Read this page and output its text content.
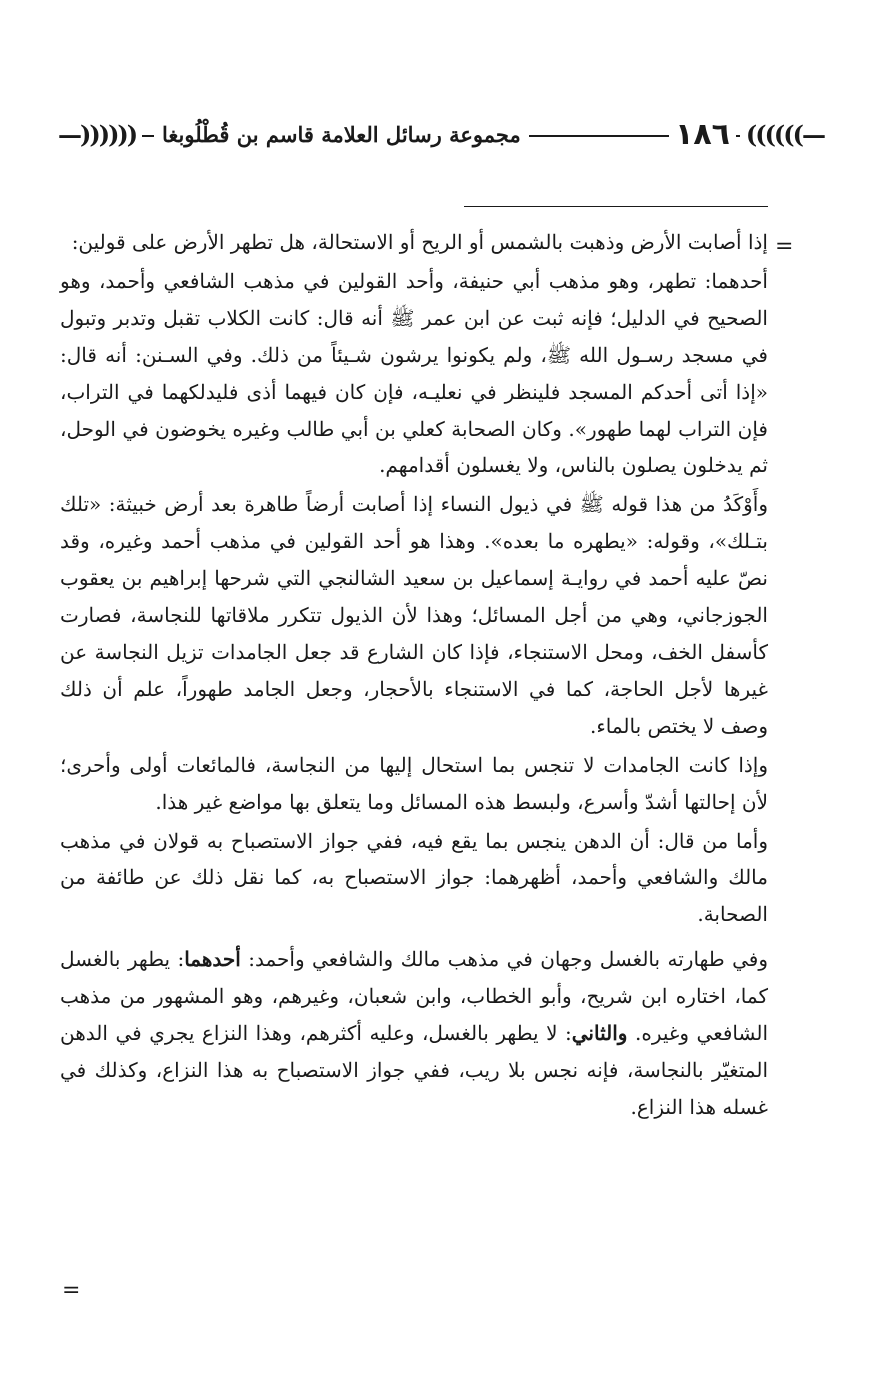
—))))))	مجموعة رسائل العلامة قاسم بن قُطْلُوبغا	١٨٦ ((((((—
=

إذا أصابت الأرض وذهبت بالشمس أو الريح أو الاستحالة، هل تطهر الأرض على قولين:

أحدهما: تطهر، وهو مذهب أبي حنيفة، وأحد القولين في مذهب الشافعي وأحمد، وهو الصحيح في الدليل؛ فإنه ثبت عن ابن عمر ﷺ أنه قال: كانت الكلاب تقبل وتدبر وتبول في مسجد رسـول الله ﷺ، ولم يكونوا يرشون شـيئاً من ذلك. وفي السـنن: أنه قال: «إذا أتى أحدكم المسجد فلينظر في نعليـه، فإن كان فيهما أذى فليدلكهما في التراب، فإن التراب لهما طهور». وكان الصحابة كعلي بن أبي طالب وغيره يخوضون في الوحل، ثم يدخلون يصلون بالناس، ولا يغسلون أقدامهم.

وأَوْكَدُ من هذا قوله ﷺ في ذيول النساء إذا أصابت أرضاً طاهرة بعد أرض خبيثة: «تلك بتـلك»، وقوله: «يطهره ما بعده». وهذا هو أحد القولين في مذهب أحمد وغيره، وقد نصّ عليه أحمد في روايـة إسماعيل بن سعيد الشالنجي التي شرحها إبراهيم بن يعقوب الجوزجاني، وهي من أجل المسائل؛ وهذا لأن الذيول تتكرر ملاقاتها للنجاسة، فصارت كأسفل الخف، ومحل الاستنجاء، فإذا كان الشارع قد جعل الجامدات تزيل النجاسة عن غيرها لأجل الحاجة، كما في الاستنجاء بالأحجار، وجعل الجامد طهوراً، علم أن ذلك وصف لا يختص بالماء.

وإذا كانت الجامدات لا تنجس بما استحال إليها من النجاسة، فالمائعات أولى وأحرى؛ لأن إحالتها أشدّ وأسرع، ولبسط هذه المسائل وما يتعلق بها مواضع غير هذا.

وأما من قال: أن الدهن ينجس بما يقع فيه، ففي جواز الاستصباح به قولان في مذهب مالك والشافعي وأحمد، أظهرهما: جواز الاستصباح به، كما نقل ذلك عن طائفة من الصحابة.

وفي طهارته بالغسل وجهان في مذهب مالك والشافعي وأحمد: أحدهما: يطهر بالغسل كما، اختاره ابن شريح، وأبو الخطاب، وابن شعبان، وغيرهم، وهو المشهور من مذهب الشافعي وغيره. والثاني: لا يطهر بالغسل، وعليه أكثرهم، وهذا النزاع يجري في الدهن المتغيّر بالنجاسة، فإنه نجس بلا ريب، ففي جواز الاستصباح به هذا النزاع، وكذلك في غسله هذا النزاع.

=
